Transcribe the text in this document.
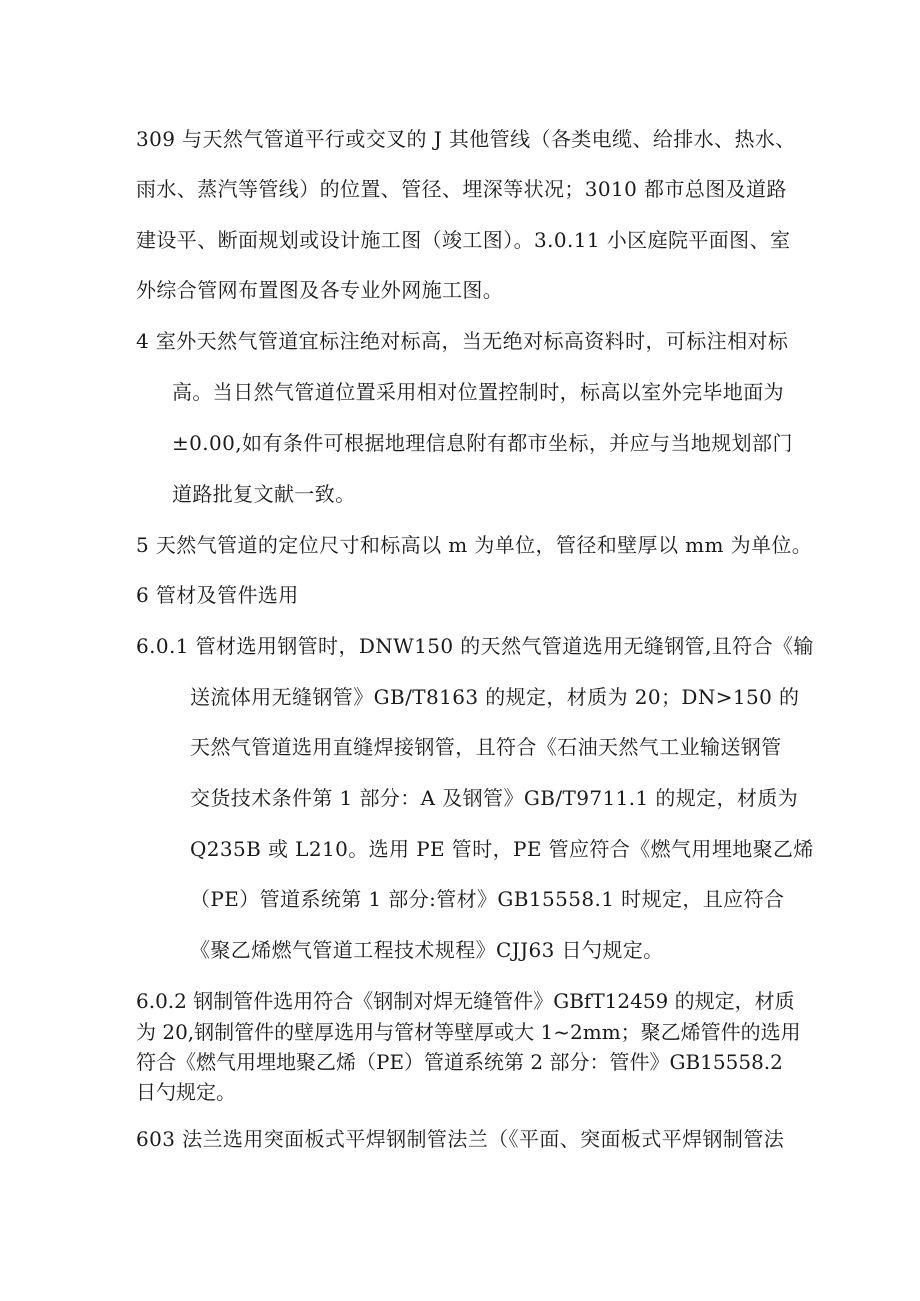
309 与天然气管道平行或交叉的 J 其他管线（各类电缆、给排水、热水、

雨水、蒸汽等管线）的位置、管径、埋深等状况；3010 都市总图及道路

建设平、断面规划或设计施工图（竣工图）。3.0.11 小区庭院平面图、室

外综合管网布置图及各专业外网施工图。

4 室外天然气管道宜标注绝对标高，当无绝对标高资料时，可标注相对标

高。当日然气管道位置采用相对位置控制时，标高以室外完毕地面为

±0.00,如有条件可根据地理信息附有都市坐标，并应与当地规划部门

道路批复文献一致。

5 天然气管道的定位尺寸和标高以 m 为单位，管径和壁厚以 mm 为单位。

6 管材及管件选用

6.0.1 管材选用钢管时，DNW150 的天然气管道选用无缝钢管,且符合《输

送流体用无缝钢管》GB/T8163 的规定，材质为 20；DN>150 的

天然气管道选用直缝焊接钢管，且符合《石油天然气工业输送钢管

交货技术条件第 1 部分：A 及钢管》GB/T9711.1 的规定，材质为

Q235B 或 L210。选用 PE 管时，PE 管应符合《燃气用埋地聚乙烯

（PE）管道系统第 1 部分:管材》GB15558.1 时规定，且应符合

《聚乙烯燃气管道工程技术规程》CJJ63 日勺规定。

6.0.2 钢制管件选用符合《钢制对焊无缝管件》GBfT12459 的规定，材质

为 20,钢制管件的壁厚选用与管材等壁厚或大 1~2mm；聚乙烯管件的选用

符合《燃气用埋地聚乙烯（PE）管道系统第 2 部分：管件》GB15558.2

日勺规定。

603 法兰选用突面板式平焊钢制管法兰（《平面、突面板式平焊钢制管法
